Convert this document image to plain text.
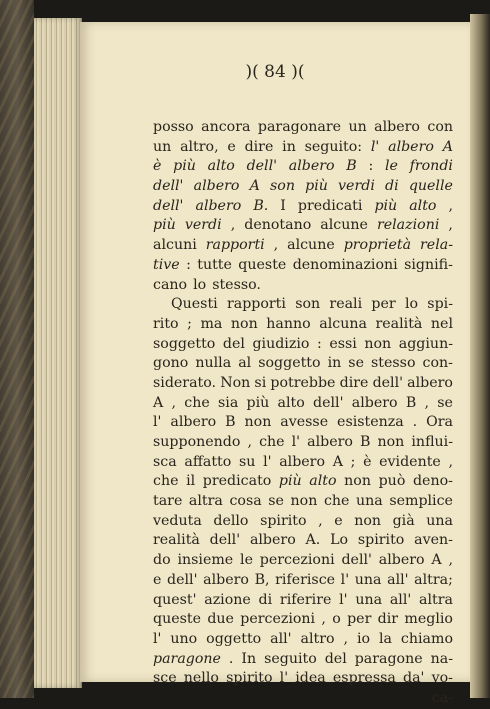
)( 84 )(
posso ancora paragonare un albero con
un altro, e dire in seguito: l' albero A
è più alto dell' albero B : le frondi
dell' albero A son più verdi di quelle
dell' albero B. I predicati più alto ,
più verdi , denotano alcune relazioni ,
alcuni rapporti , alcune proprietà rela-
tive : tutte queste denominazioni signifi-
cano lo stesso.
Questi rapporti son reali per lo spi-
rito ; ma non hanno alcuna realità nel
soggetto del giudizio : essi non aggiun-
gono nulla al soggetto in se stesso con-
siderato. Non si potrebbe dire dell' albero
A , che sia più alto dell' albero B , se
l' albero B non avesse esistenza . Ora
supponendo , che l' albero B non influi-
sca affatto su l' albero A ; è evidente ,
che il predicato più alto non può deno-
tare altra cosa se non che una semplice
veduta dello spirito , e non già una
realità dell' albero A. Lo spirito aven-
do insieme le percezioni dell' albero A ,
e dell' albero B, riferisce l' una all' altra;
quest' azione di riferire l' una all' altra
queste due percezioni , o per dir meglio
l' uno oggetto all' altro , io la chiamo
paragone . In seguito del paragone na-
sce nello spirito l' idea espressa da' vo-
ca-
